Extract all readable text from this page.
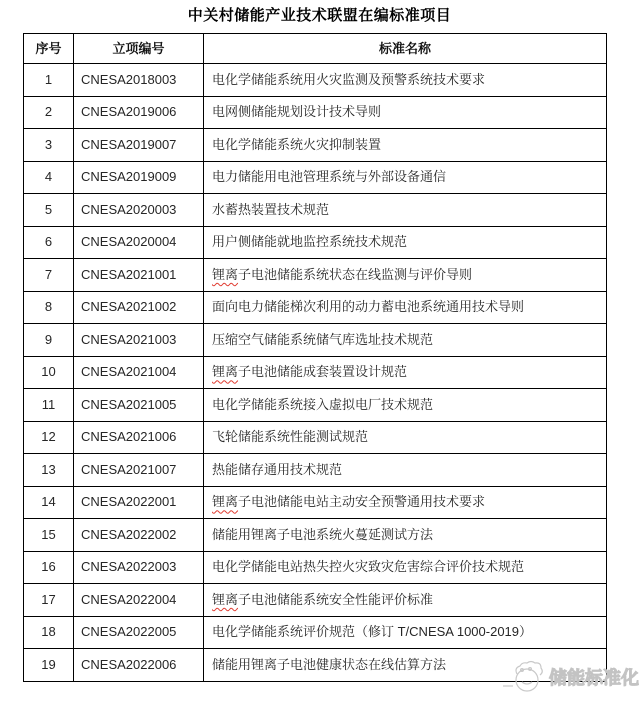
中关村储能产业技术联盟在编标准项目
序号	立项编号	标准名称
1	CNESA2018003	电化学储能系统用火灾监测及预警系统技术要求
2	CNESA2019006	电网侧储能规划设计技术导则
3	CNESA2019007	电化学储能系统火灾抑制装置
4	CNESA2019009	电力储能用电池管理系统与外部设备通信
5	CNESA2020003	水蓄热装置技术规范
6	CNESA2020004	用户侧储能就地监控系统技术规范
7	CNESA2021001	锂离子电池储能系统状态在线监测与评价导则
8	CNESA2021002	面向电力储能梯次利用的动力蓄电池系统通用技术导则
9	CNESA2021003	压缩空气储能系统储气库选址技术规范
10	CNESA2021004	锂离子电池储能成套装置设计规范
11	CNESA2021005	电化学储能系统接入虚拟电厂技术规范
12	CNESA2021006	飞轮储能系统性能测试规范
13	CNESA2021007	热能储存通用技术规范
14	CNESA2022001	锂离子电池储能电站主动安全预警通用技术要求
15	CNESA2022002	储能用锂离子电池系统火蔓延测试方法
16	CNESA2022003	电化学储能电站热失控火灾致灾危害综合评价技术规范
17	CNESA2022004	锂离子电池储能系统安全性能评价标准
18	CNESA2022005	电化学储能系统评价规范（修订 T/CNESA 1000-2019）
19	CNESA2022006	储能用锂离子电池健康状态在线估算方法
储能标准化
